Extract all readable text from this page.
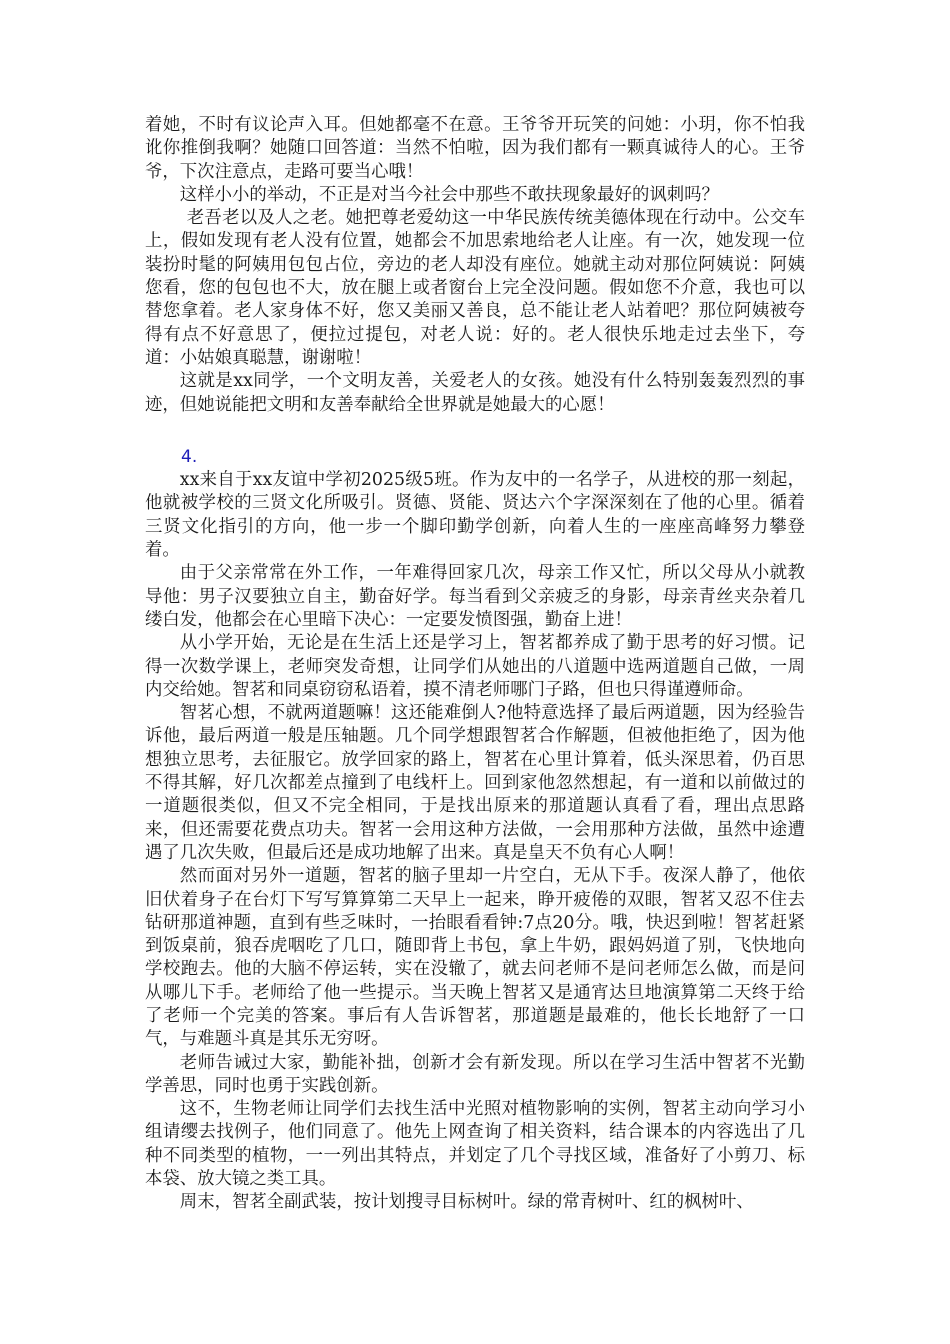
着她，不时有议论声入耳。但她都毫不在意。王爷爷开玩笑的问她：小玥，你不怕我讹你推倒我啊？她随口回答道：当然不怕啦，因为我们都有一颗真诚待人的心。王爷爷，下次注意点，走路可要当心哦！

这样小小的举动，不正是对当今社会中那些不敢扶现象最好的讽刺吗？

老吾老以及人之老。她把尊老爱幼这一中华民族传统美德体现在行动中。公交车上，假如发现有老人没有位置，她都会不加思索地给老人让座。有一次，她发现一位装扮时髦的阿姨用包包占位，旁边的老人却没有座位。她就主动对那位阿姨说：阿姨您看，您的包包也不大，放在腿上或者窗台上完全没问题。假如您不介意，我也可以替您拿着。老人家身体不好，您又美丽又善良，总不能让老人站着吧？那位阿姨被夸得有点不好意思了，便拉过提包，对老人说：好的。老人很快乐地走过去坐下，夸道：小姑娘真聪慧，谢谢啦！

这就是xx同学，一个文明友善，关爱老人的女孩。她没有什么特别轰轰烈烈的事迹，但她说能把文明和友善奉献给全世界就是她最大的心愿！

4.

xx来自于xx友谊中学初2025级5班。作为友中的一名学子，从进校的那一刻起，他就被学校的三贤文化所吸引。贤德、贤能、贤达六个字深深刻在了他的心里。循着三贤文化指引的方向，他一步一个脚印勤学创新，向着人生的一座座高峰努力攀登着。

由于父亲常常在外工作，一年难得回家几次，母亲工作又忙，所以父母从小就教导他：男子汉要独立自主，勤奋好学。每当看到父亲疲乏的身影，母亲青丝夹杂着几缕白发，他都会在心里暗下决心：一定要发愤图强，勤奋上进！

从小学开始，无论是在生活上还是学习上，智茗都养成了勤于思考的好习惯。记得一次数学课上，老师突发奇想，让同学们从她出的八道题中选两道题自己做，一周内交给她。智茗和同桌窃窃私语着，摸不清老师哪门子路，但也只得谨遵师命。

智茗心想，不就两道题嘛！这还能难倒人?他特意选择了最后两道题，因为经验告诉他，最后两道一般是压轴题。几个同学想跟智茗合作解题，但被他拒绝了，因为他想独立思考，去征服它。放学回家的路上，智茗在心里计算着，低头深思着，仍百思不得其解，好几次都差点撞到了电线杆上。回到家他忽然想起，有一道和以前做过的一道题很类似，但又不完全相同，于是找出原来的那道题认真看了看，理出点思路来，但还需要花费点功夫。智茗一会用这种方法做，一会用那种方法做，虽然中途遭遇了几次失败，但最后还是成功地解了出来。真是皇天不负有心人啊！

然而面对另外一道题，智茗的脑子里却一片空白，无从下手。夜深人静了，他依旧伏着身子在台灯下写写算算第二天早上一起来，睁开疲倦的双眼，智茗又忍不住去钻研那道神题，直到有些乏味时，一抬眼看看钟:7点20分。哦，快迟到啦！智茗赶紧到饭桌前，狼吞虎咽吃了几口，随即背上书包，拿上牛奶，跟妈妈道了别，飞快地向学校跑去。他的大脑不停运转，实在没辙了，就去问老师不是问老师怎么做，而是问从哪儿下手。老师给了他一些提示。当天晚上智茗又是通宵达旦地演算第二天终于给了老师一个完美的答案。事后有人告诉智茗，那道题是最难的，他长长地舒了一口气，与难题斗真是其乐无穷呀。

老师告诫过大家，勤能补拙，创新才会有新发现。所以在学习生活中智茗不光勤学善思，同时也勇于实践创新。

这不，生物老师让同学们去找生活中光照对植物影响的实例，智茗主动向学习小组请缨去找例子，他们同意了。他先上网查询了相关资料，结合课本的内容选出了几种不同类型的植物，一一列出其特点，并划定了几个寻找区域，准备好了小剪刀、标本袋、放大镜之类工具。

周末，智茗全副武装，按计划搜寻目标树叶。绿的常青树叶、红的枫树叶、
